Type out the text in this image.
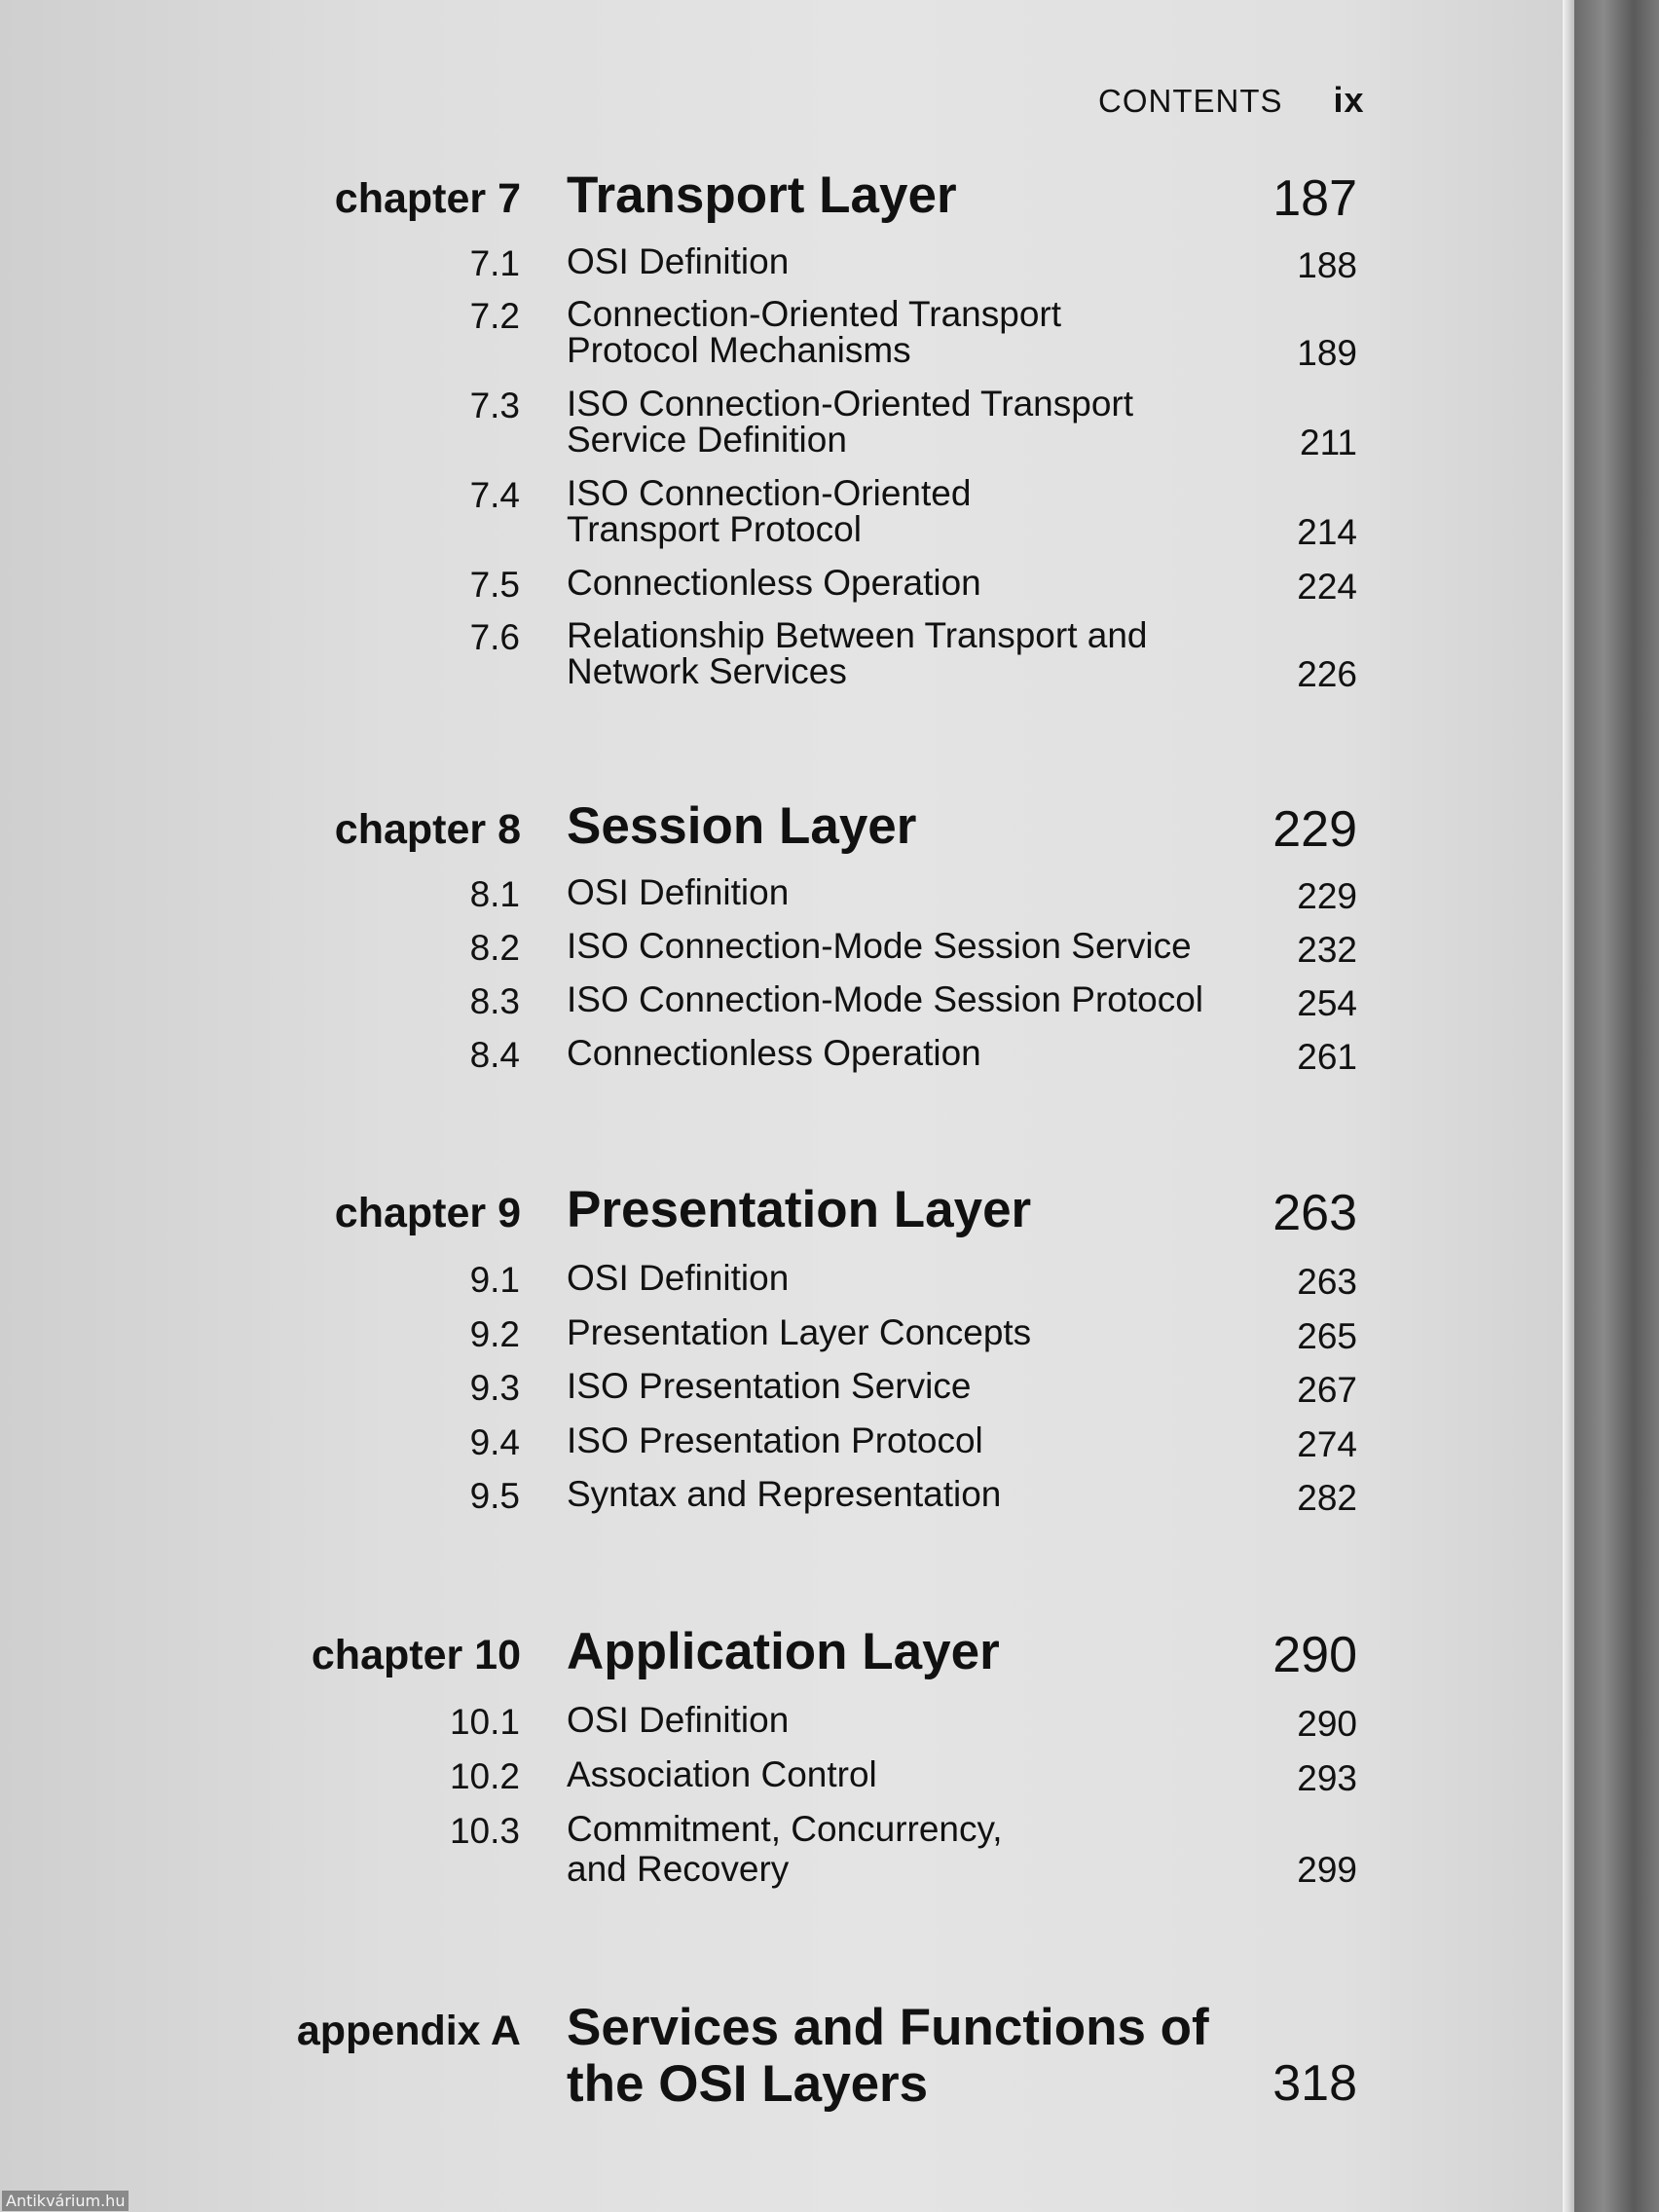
CONTENTS ix
chapter 7 Transport Layer	187
7.1 OSI Definition	188
7.2 Connection-Oriented Transport
Protocol Mechanisms	189
7.3 ISO Connection-Oriented Transport
Service Definition	211
7.4 ISO Connection-Oriented
Transport Protocol	214
7.5 Connectionless Operation	224
7.6 Relationship Between Transport and
Network Services	226
chapter 8 Session Layer	229
8.1 OSI Definition	229
8.2 ISO Connection-Mode Session Service	232
8.3 ISO Connection-Mode Session Protocol	254
8.4 Connectionless Operation	261
chapter 9 Presentation Layer	263
9.1 OSI Definition	263
9.2 Presentation Layer Concepts	265
9.3 ISO Presentation Service	267
9.4 ISO Presentation Protocol	274
9.5 Syntax and Representation	282
chapter 10 Application Layer	290
10.1 OSI Definition	290
10.2 Association Control	293
10.3 Commitment, Concurrency,
and Recovery	299
appendix A Services and Functions of
the OSI Layers	318
Antikvárium.hu
